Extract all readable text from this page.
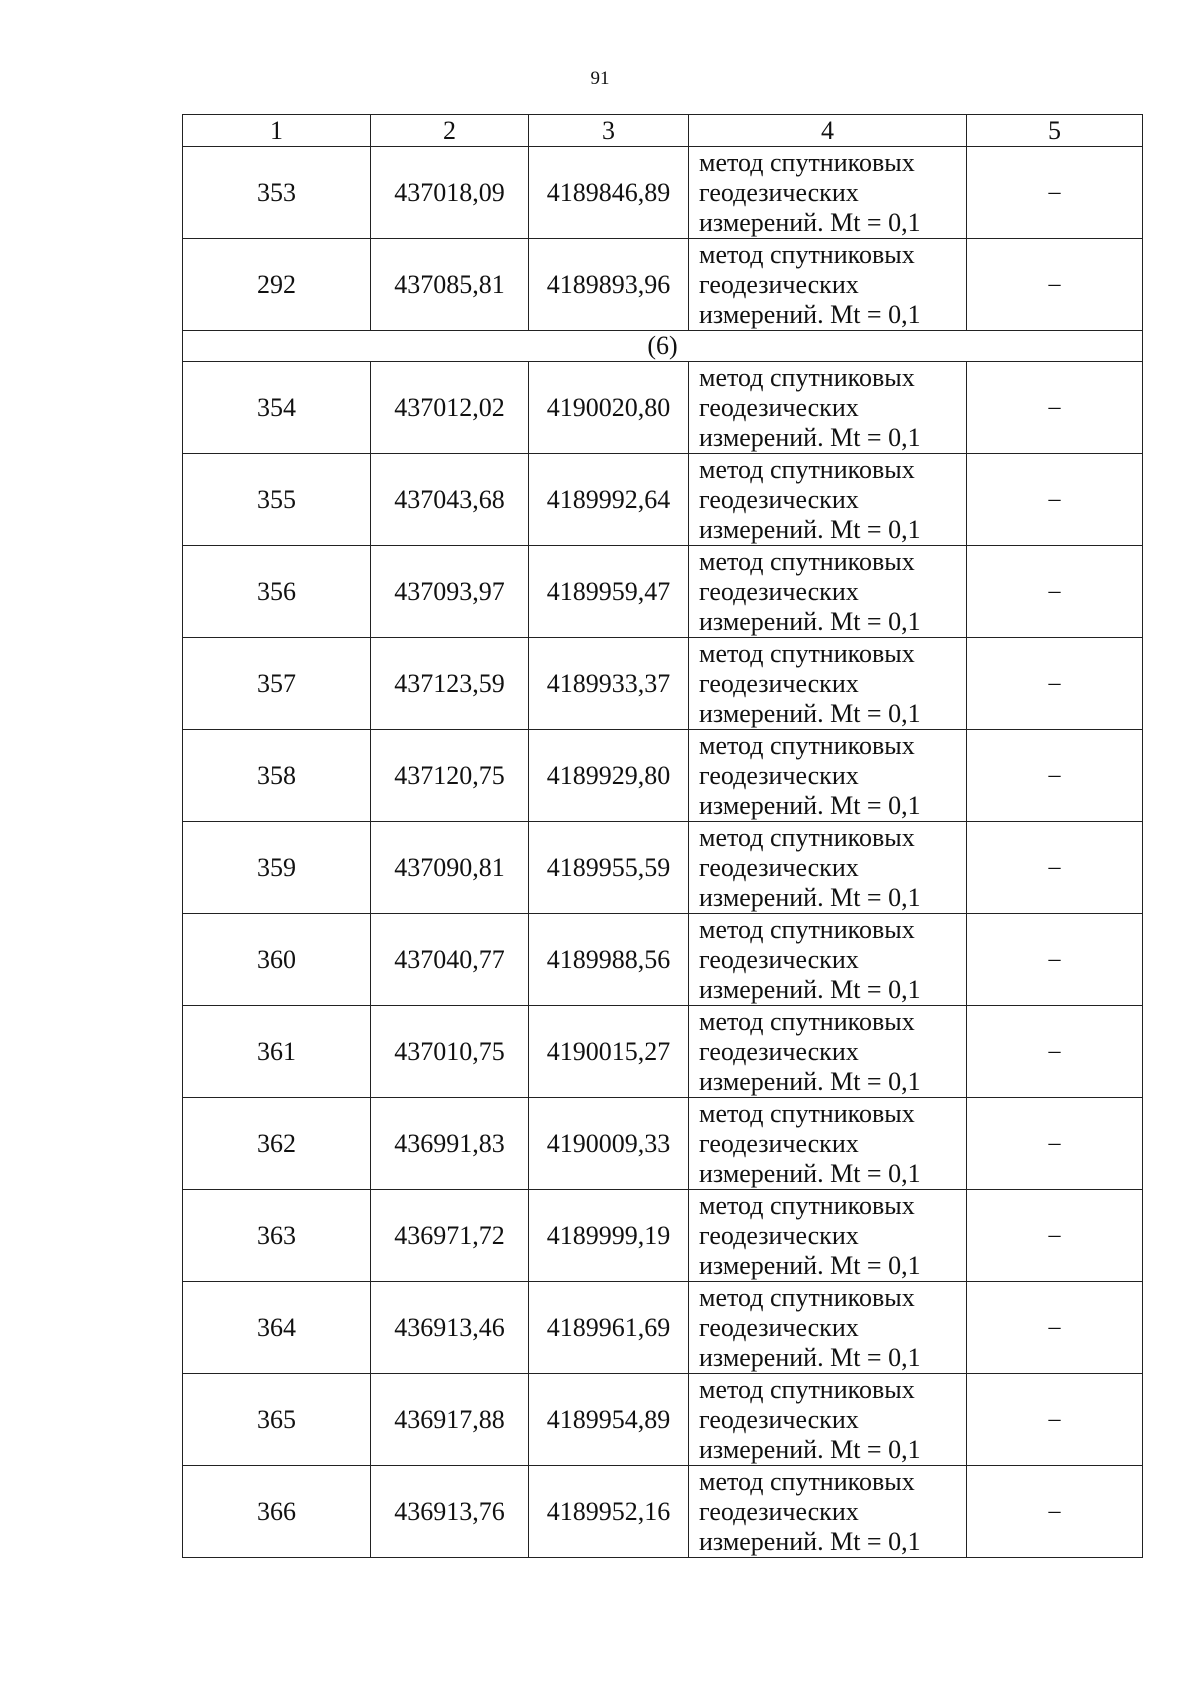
91
1	2	3	4	5
353	437018,09	4189846,89	метод спутниковых геодезических измерений. Mt = 0,1	–
292	437085,81	4189893,96	метод спутниковых геодезических измерений. Mt = 0,1	–
(6)				
354	437012,02	4190020,80	метод спутниковых геодезических измерений. Mt = 0,1	–
355	437043,68	4189992,64	метод спутниковых геодезических измерений. Mt = 0,1	–
356	437093,97	4189959,47	метод спутниковых геодезических измерений. Mt = 0,1	–
357	437123,59	4189933,37	метод спутниковых геодезических измерений. Mt = 0,1	–
358	437120,75	4189929,80	метод спутниковых геодезических измерений. Mt = 0,1	–
359	437090,81	4189955,59	метод спутниковых геодезических измерений. Mt = 0,1	–
360	437040,77	4189988,56	метод спутниковых геодезических измерений. Mt = 0,1	–
361	437010,75	4190015,27	метод спутниковых геодезических измерений. Mt = 0,1	–
362	436991,83	4190009,33	метод спутниковых геодезических измерений. Mt = 0,1	–
363	436971,72	4189999,19	метод спутниковых геодезических измерений. Mt = 0,1	–
364	436913,46	4189961,69	метод спутниковых геодезических измерений. Mt = 0,1	–
365	436917,88	4189954,89	метод спутниковых геодезических измерений. Mt = 0,1	–
366	436913,76	4189952,16	метод спутниковых геодезических измерений. Mt = 0,1	–
